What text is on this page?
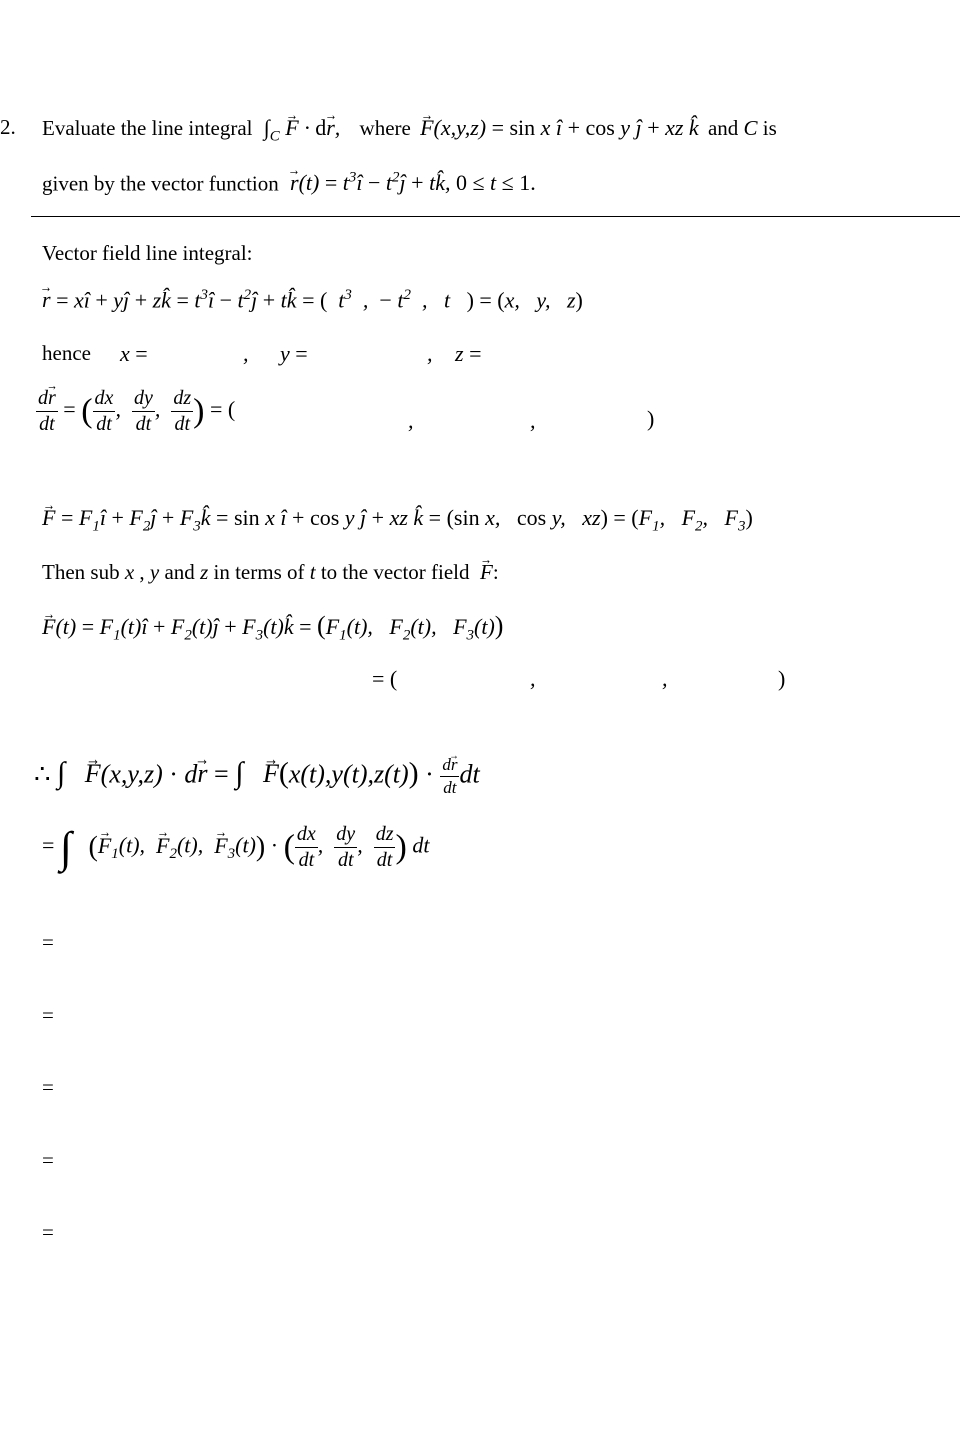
2. Evaluate the line integral $\int_C \to F \cdot d\to r$, where → F(x,y,z) = sin x î + cos y ĵ + xz k̂ and C is
given by the vector function → $r(t) = t^3î$ − $t^2ĵ$ + tk̂, 0 ≤ t ≤ 1.
Vector field line integral:
→ r = xî + yĵ + zk̂ = $t^3î$ − $t^2ĵ$ + tk̂ = (  $t^3$  ,  − $t^2$  ,   t   ) = (x,   y,   z)
hence x =	, y =	, z =
$\frac{d\to r}{dt}$ = ( $\frac{dx}{dt}$ , $\frac{dy}{dt}$ , $\frac{dz}{dt}$ ) = (	,	,	)
→ $F = F_1î$ + $F_2ĵ$ + $F_3k̂ = \sin x$ î + cos y ĵ + xz k̂ = (sin x,   cos y,   $xz) = (F_1$,   $F_2$,   $F_3$)
Then sub x , y and z in terms of t to the vector field  → F:
→ $F(t) = F_1(t)î$ + $F_2(t)ĵ$ + $F_3(t)k̂ = (F_1(t)$,   $F_2(t)$,   $F_3(t)$)
= (	,	,	)
∴ ∫ → F(x,y,z) · d→ r = ∫ → $F(x(t),y(t),z(t)) \cdot \frac{d\to r}{dt}$ dt
= ∫ (→ $F_1(t)$,  → $F_2(t)$,  → $F_3(t)$) · ( $\frac{dx}{dt}$ , $\frac{dy}{dt}$ , $\frac{dz}{dt}$ ) dt
=
=
=
=
=
